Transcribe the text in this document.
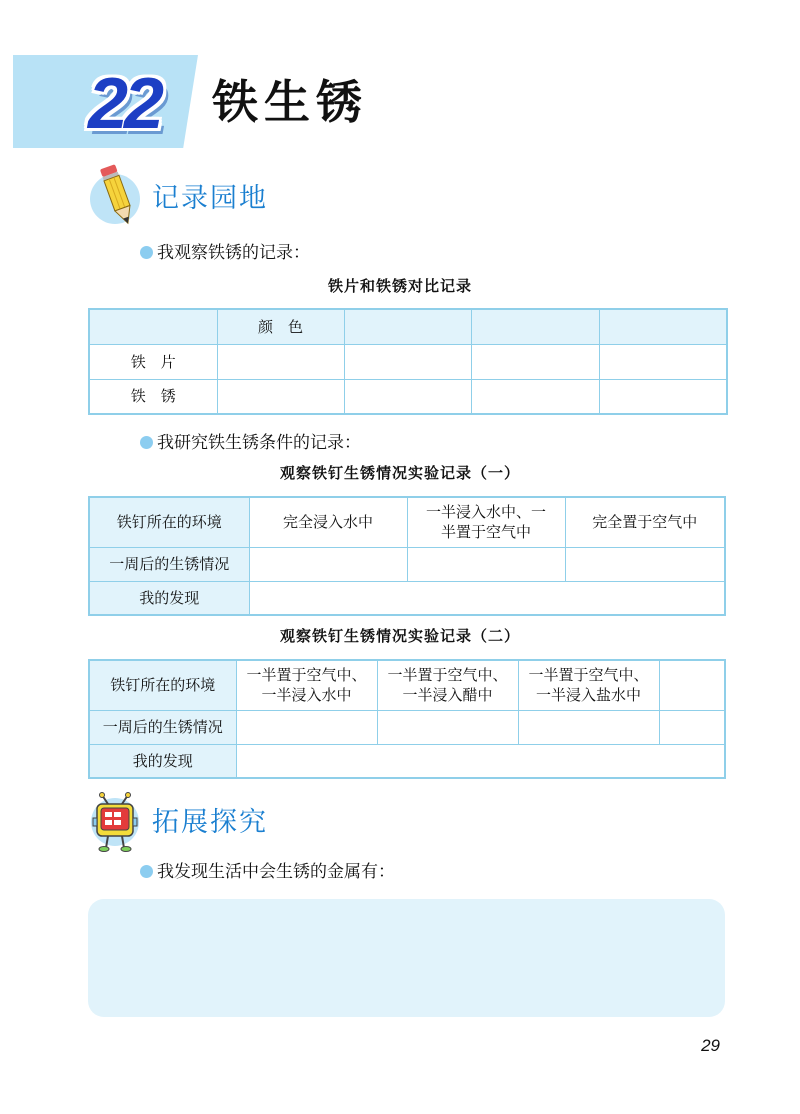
22	铁生锈
记录园地
我观察铁锈的记录：
铁片和铁锈对比记录
	颜　色			
铁　片				
铁　锈				
我研究铁生锈条件的记录：
观察铁钉生锈情况实验记录（一）
铁钉所在的环境	完全浸入水中	一半浸入水中、一半置于空气中	完全置于空气中
一周后的生锈情况			
我的发现			
观察铁钉生锈情况实验记录（二）
铁钉所在的环境	一半置于空气中、一半浸入水中	一半置于空气中、一半浸入醋中	一半置于空气中、一半浸入盐水中	
一周后的生锈情况				
我的发现				
拓展探究
我发现生活中会生锈的金属有：
29
